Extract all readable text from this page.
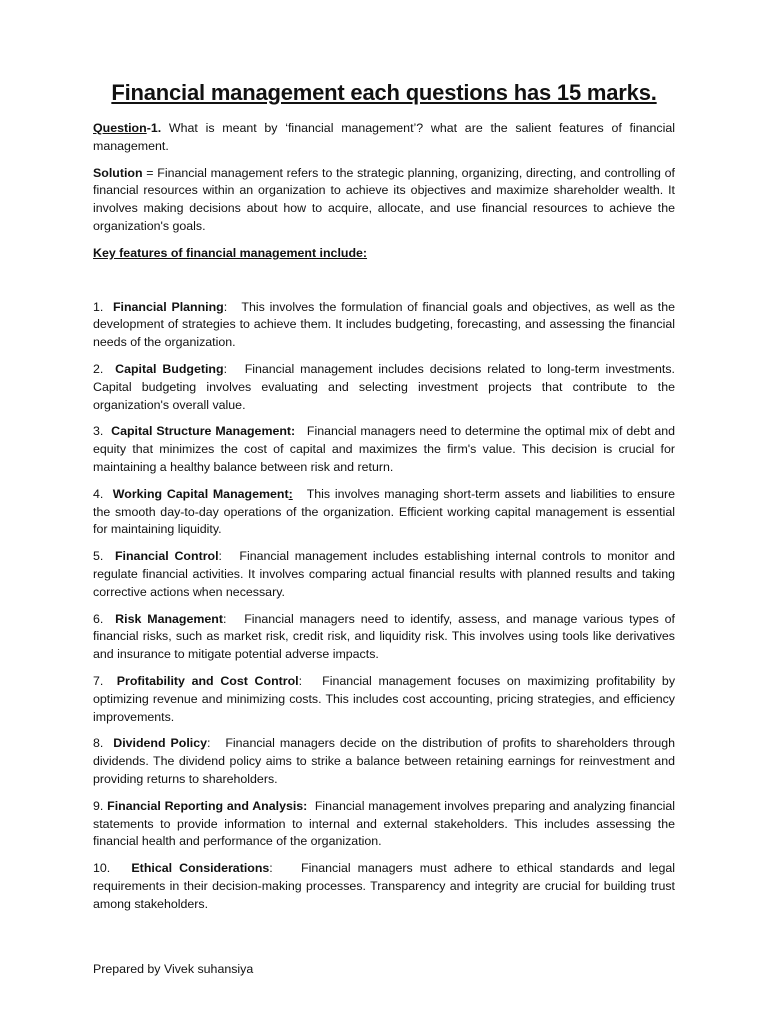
Financial management each questions has 15 marks.

Question-1. What is meant by ‘financial management’? what are the salient features of financial management.

Solution = Financial management refers to the strategic planning, organizing, directing, and controlling of financial resources within an organization to achieve its objectives and maximize shareholder wealth. It involves making decisions about how to acquire, allocate, and use financial resources to achieve the organization's goals.

Key features of financial management include:

1. Financial Planning: This involves the formulation of financial goals and objectives, as well as the development of strategies to achieve them. It includes budgeting, forecasting, and assessing the financial needs of the organization.

2. Capital Budgeting: Financial management includes decisions related to long-term investments. Capital budgeting involves evaluating and selecting investment projects that contribute to the organization's overall value.

3. Capital Structure Management: Financial managers need to determine the optimal mix of debt and equity that minimizes the cost of capital and maximizes the firm's value. This decision is crucial for maintaining a healthy balance between risk and return.

4. Working Capital Management: This involves managing short-term assets and liabilities to ensure the smooth day-to-day operations of the organization. Efficient working capital management is essential for maintaining liquidity.

5. Financial Control: Financial management includes establishing internal controls to monitor and regulate financial activities. It involves comparing actual financial results with planned results and taking corrective actions when necessary.

6. Risk Management: Financial managers need to identify, assess, and manage various types of financial risks, such as market risk, credit risk, and liquidity risk. This involves using tools like derivatives and insurance to mitigate potential adverse impacts.

7. Profitability and Cost Control: Financial management focuses on maximizing profitability by optimizing revenue and minimizing costs. This includes cost accounting, pricing strategies, and efficiency improvements.

8. Dividend Policy: Financial managers decide on the distribution of profits to shareholders through dividends. The dividend policy aims to strike a balance between retaining earnings for reinvestment and providing returns to shareholders.

9. Financial Reporting and Analysis: Financial management involves preparing and analyzing financial statements to provide information to internal and external stakeholders. This includes assessing the financial health and performance of the organization.

10. Ethical Considerations: Financial managers must adhere to ethical standards and legal requirements in their decision-making processes. Transparency and integrity are crucial for building trust among stakeholders.

Prepared by Vivek suhansiya
